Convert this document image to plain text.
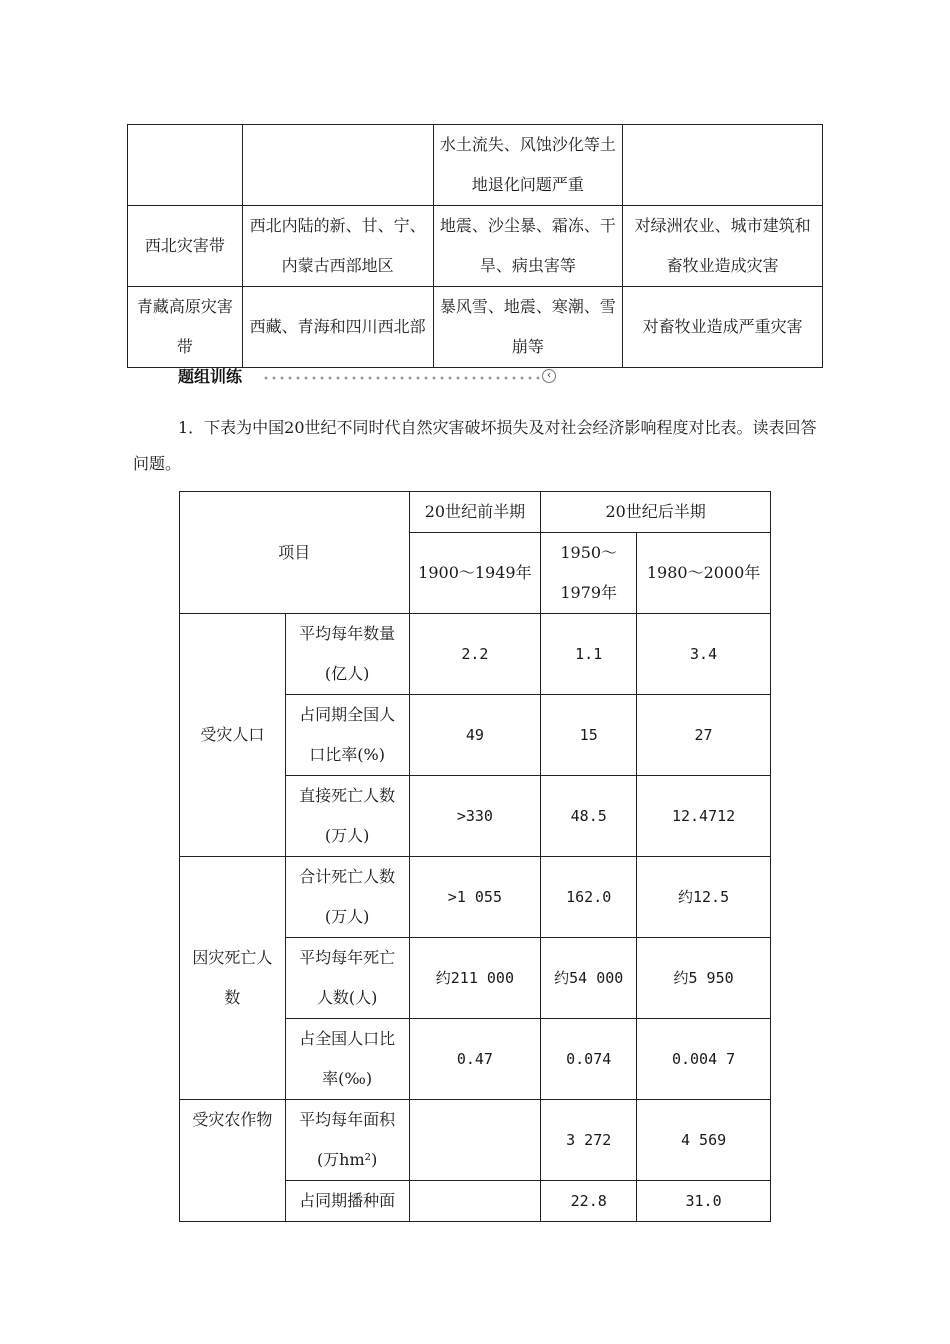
		水土流失、风蚀沙化等土地退化问题严重	
西北灾害带	西北内陆的新、甘、宁、内蒙古西部地区	地震、沙尘暴、霜冻、干旱、病虫害等	对绿洲农业、城市建筑和畜牧业造成灾害
青藏高原灾害带	西藏、青海和四川西北部	暴风雪、地震、寒潮、雪崩等	对畜牧业造成严重灾害
题组训练	‹
1．下表为中国20世纪不同时代自然灾害破坏损失及对社会经济影响程度对比表。读表回答问题。
项目		20世纪前半期	20世纪后半期	
		1900～1949年	1950～1979年	1980～2000年
受灾人口	平均每年数量(亿人)	2.2	1.1	3.4
	占同期全国人口比率(%)	49	15	27
	直接死亡人数(万人)	>330	48.5	12.4712
因灾死亡人数	合计死亡人数(万人)	>1 055	162.0	约12.5
	平均每年死亡人数(人)	约211 000	约54 000	约5 950
	占全国人口比率(‰)	0.47	0.074	0.004 7
受灾农作物	平均每年面积(万hm²)		3 272	4 569
	占同期播种面		22.8	31.0
